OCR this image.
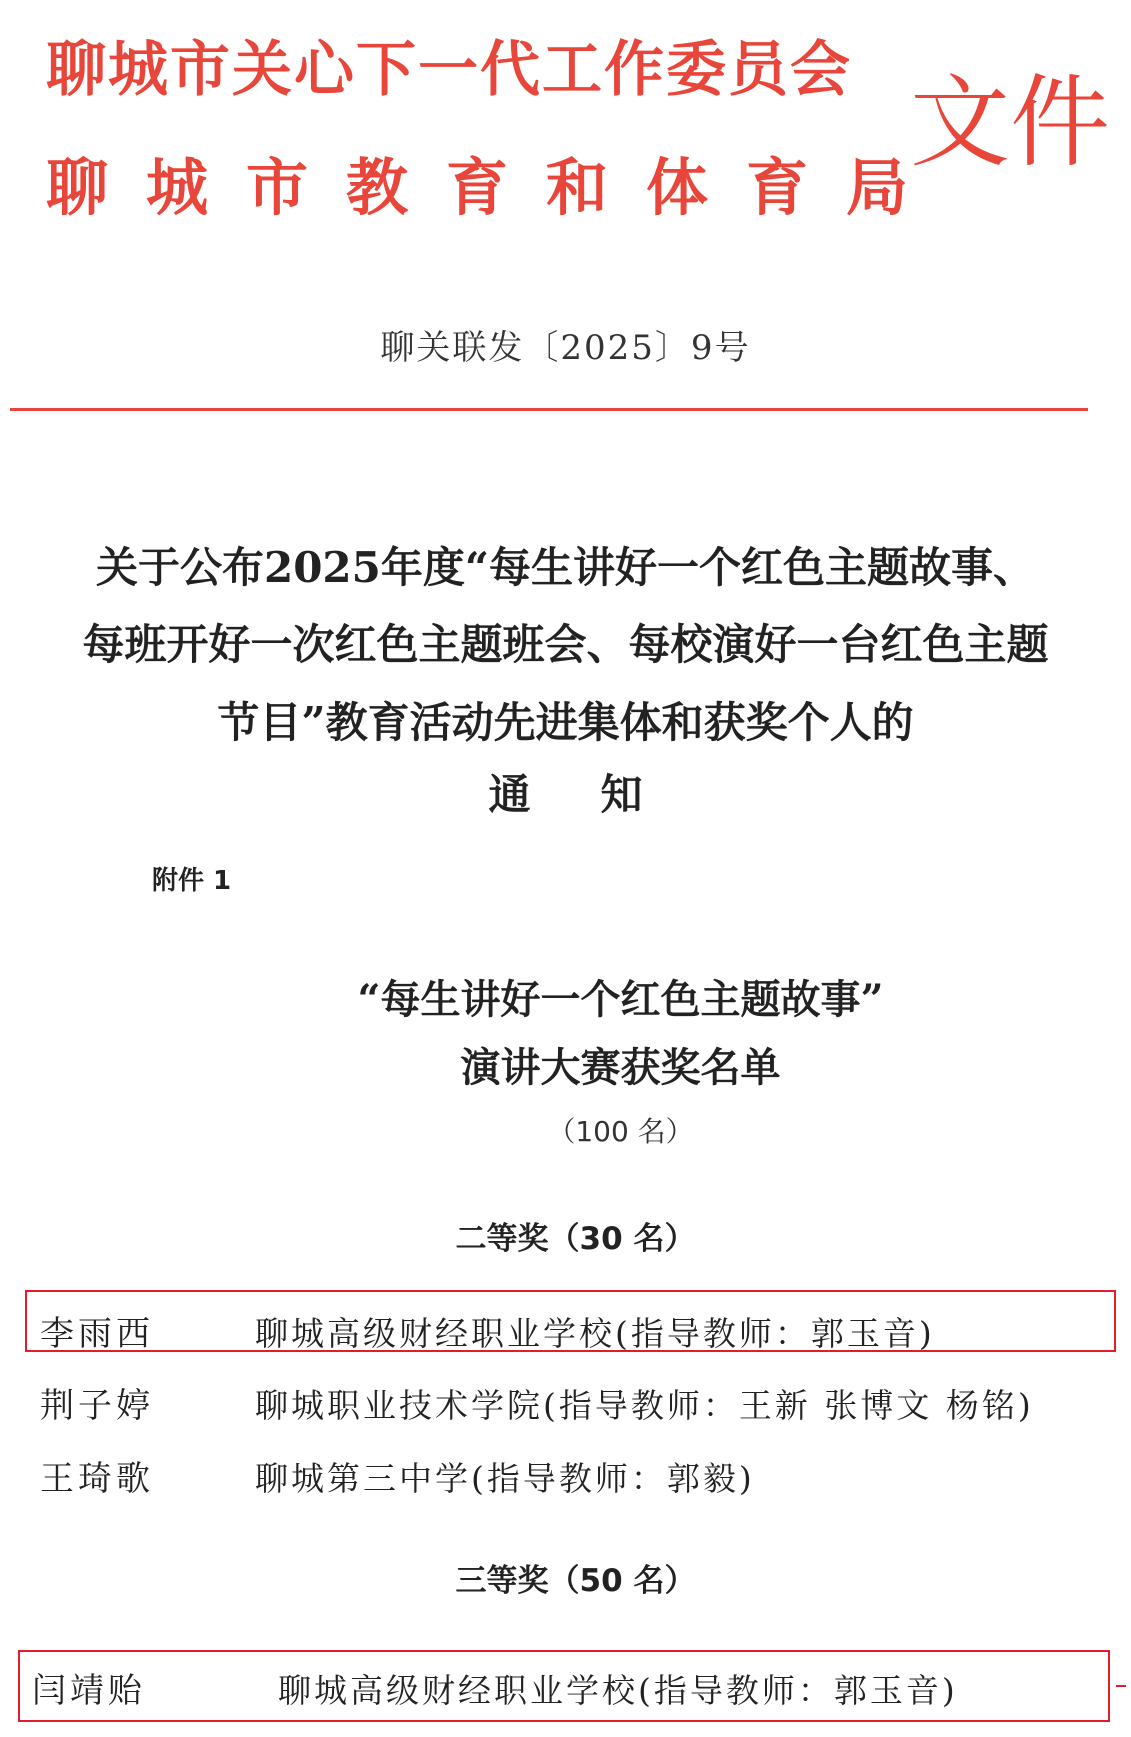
聊城市关心下一代工作委员会
聊城市教育和体育局
文件
聊关联发〔2025〕9号
关于公布2025年度“每生讲好一个红色主题故事、
每班开好一次红色主题班会、每校演好一台红色主题
节目”教育活动先进集体和获奖个人的
通知
附件 1
“每生讲好一个红色主题故事”
演讲大赛获奖名单
（100 名）
二等奖（30 名）
李雨西	聊城高级财经职业学校(指导教师：郭玉音)
荆子婷	聊城职业技术学院(指导教师：王新 张博文 杨铭)
王琦歌	聊城第三中学(指导教师：郭毅)
三等奖（50 名）
闫靖贻	聊城高级财经职业学校(指导教师：郭玉音)
